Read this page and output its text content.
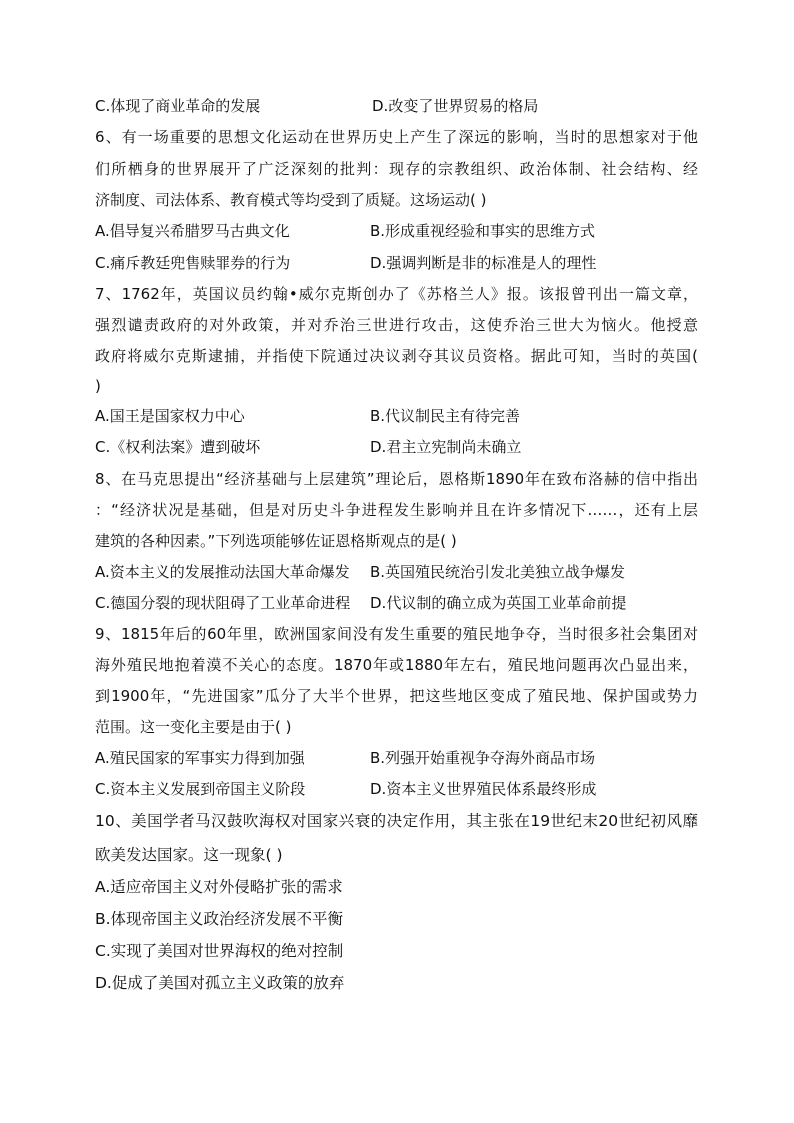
C.体现了商业革命的发展	D.改变了世界贸易的格局
6、有一场重要的思想文化运动在世界历史上产生了深远的影响，当时的思想家对于他
们所栖身的世界展开了广泛深刻的批判：现存的宗教组织、政治体制、社会结构、经
济制度、司法体系、教育模式等均受到了质疑。这场运动( )
A.倡导复兴希腊罗马古典文化	B.形成重视经验和事实的思维方式
C.痛斥教廷兜售赎罪券的行为	D.强调判断是非的标准是人的理性
7、1762年，英国议员约翰•威尔克斯创办了《苏格兰人》报。该报曾刊出一篇文章，
强烈谴责政府的对外政策，并对乔治三世进行攻击，这使乔治三世大为恼火。他授意
政府将威尔克斯逮捕，并指使下院通过决议剥夺其议员资格。据此可知，当时的英国(
)
A.国王是国家权力中心	B.代议制民主有待完善
C.《权利法案》遭到破坏	D.君主立宪制尚未确立
8、在马克思提出“经济基础与上层建筑”理论后，恩格斯1890年在致布洛赫的信中指出
：“经济状况是基础，但是对历史斗争进程发生影响并且在许多情况下……，还有上层
建筑的各种因素。”下列选项能够佐证恩格斯观点的是( )
A.资本主义的发展推动法国大革命爆发 B.英国殖民统治引发北美独立战争爆发
C.德国分裂的现状阻碍了工业革命进程 D.代议制的确立成为英国工业革命前提
9、1815年后的60年里，欧洲国家间没有发生重要的殖民地争夺，当时很多社会集团对
海外殖民地抱着漠不关心的态度。1870年或1880年左右，殖民地问题再次凸显出来，
到1900年，“先进国家”瓜分了大半个世界，把这些地区变成了殖民地、保护国或势力
范围。这一变化主要是由于( )
A.殖民国家的军事实力得到加强	B.列强开始重视争夺海外商品市场
C.资本主义发展到帝国主义阶段	D.资本主义世界殖民体系最终形成
10、美国学者马汉鼓吹海权对国家兴衰的决定作用，其主张在19世纪末20世纪初风靡
欧美发达国家。这一现象( )
A.适应帝国主义对外侵略扩张的需求
B.体现帝国主义政治经济发展不平衡
C.实现了美国对世界海权的绝对控制
D.促成了美国对孤立主义政策的放弃
